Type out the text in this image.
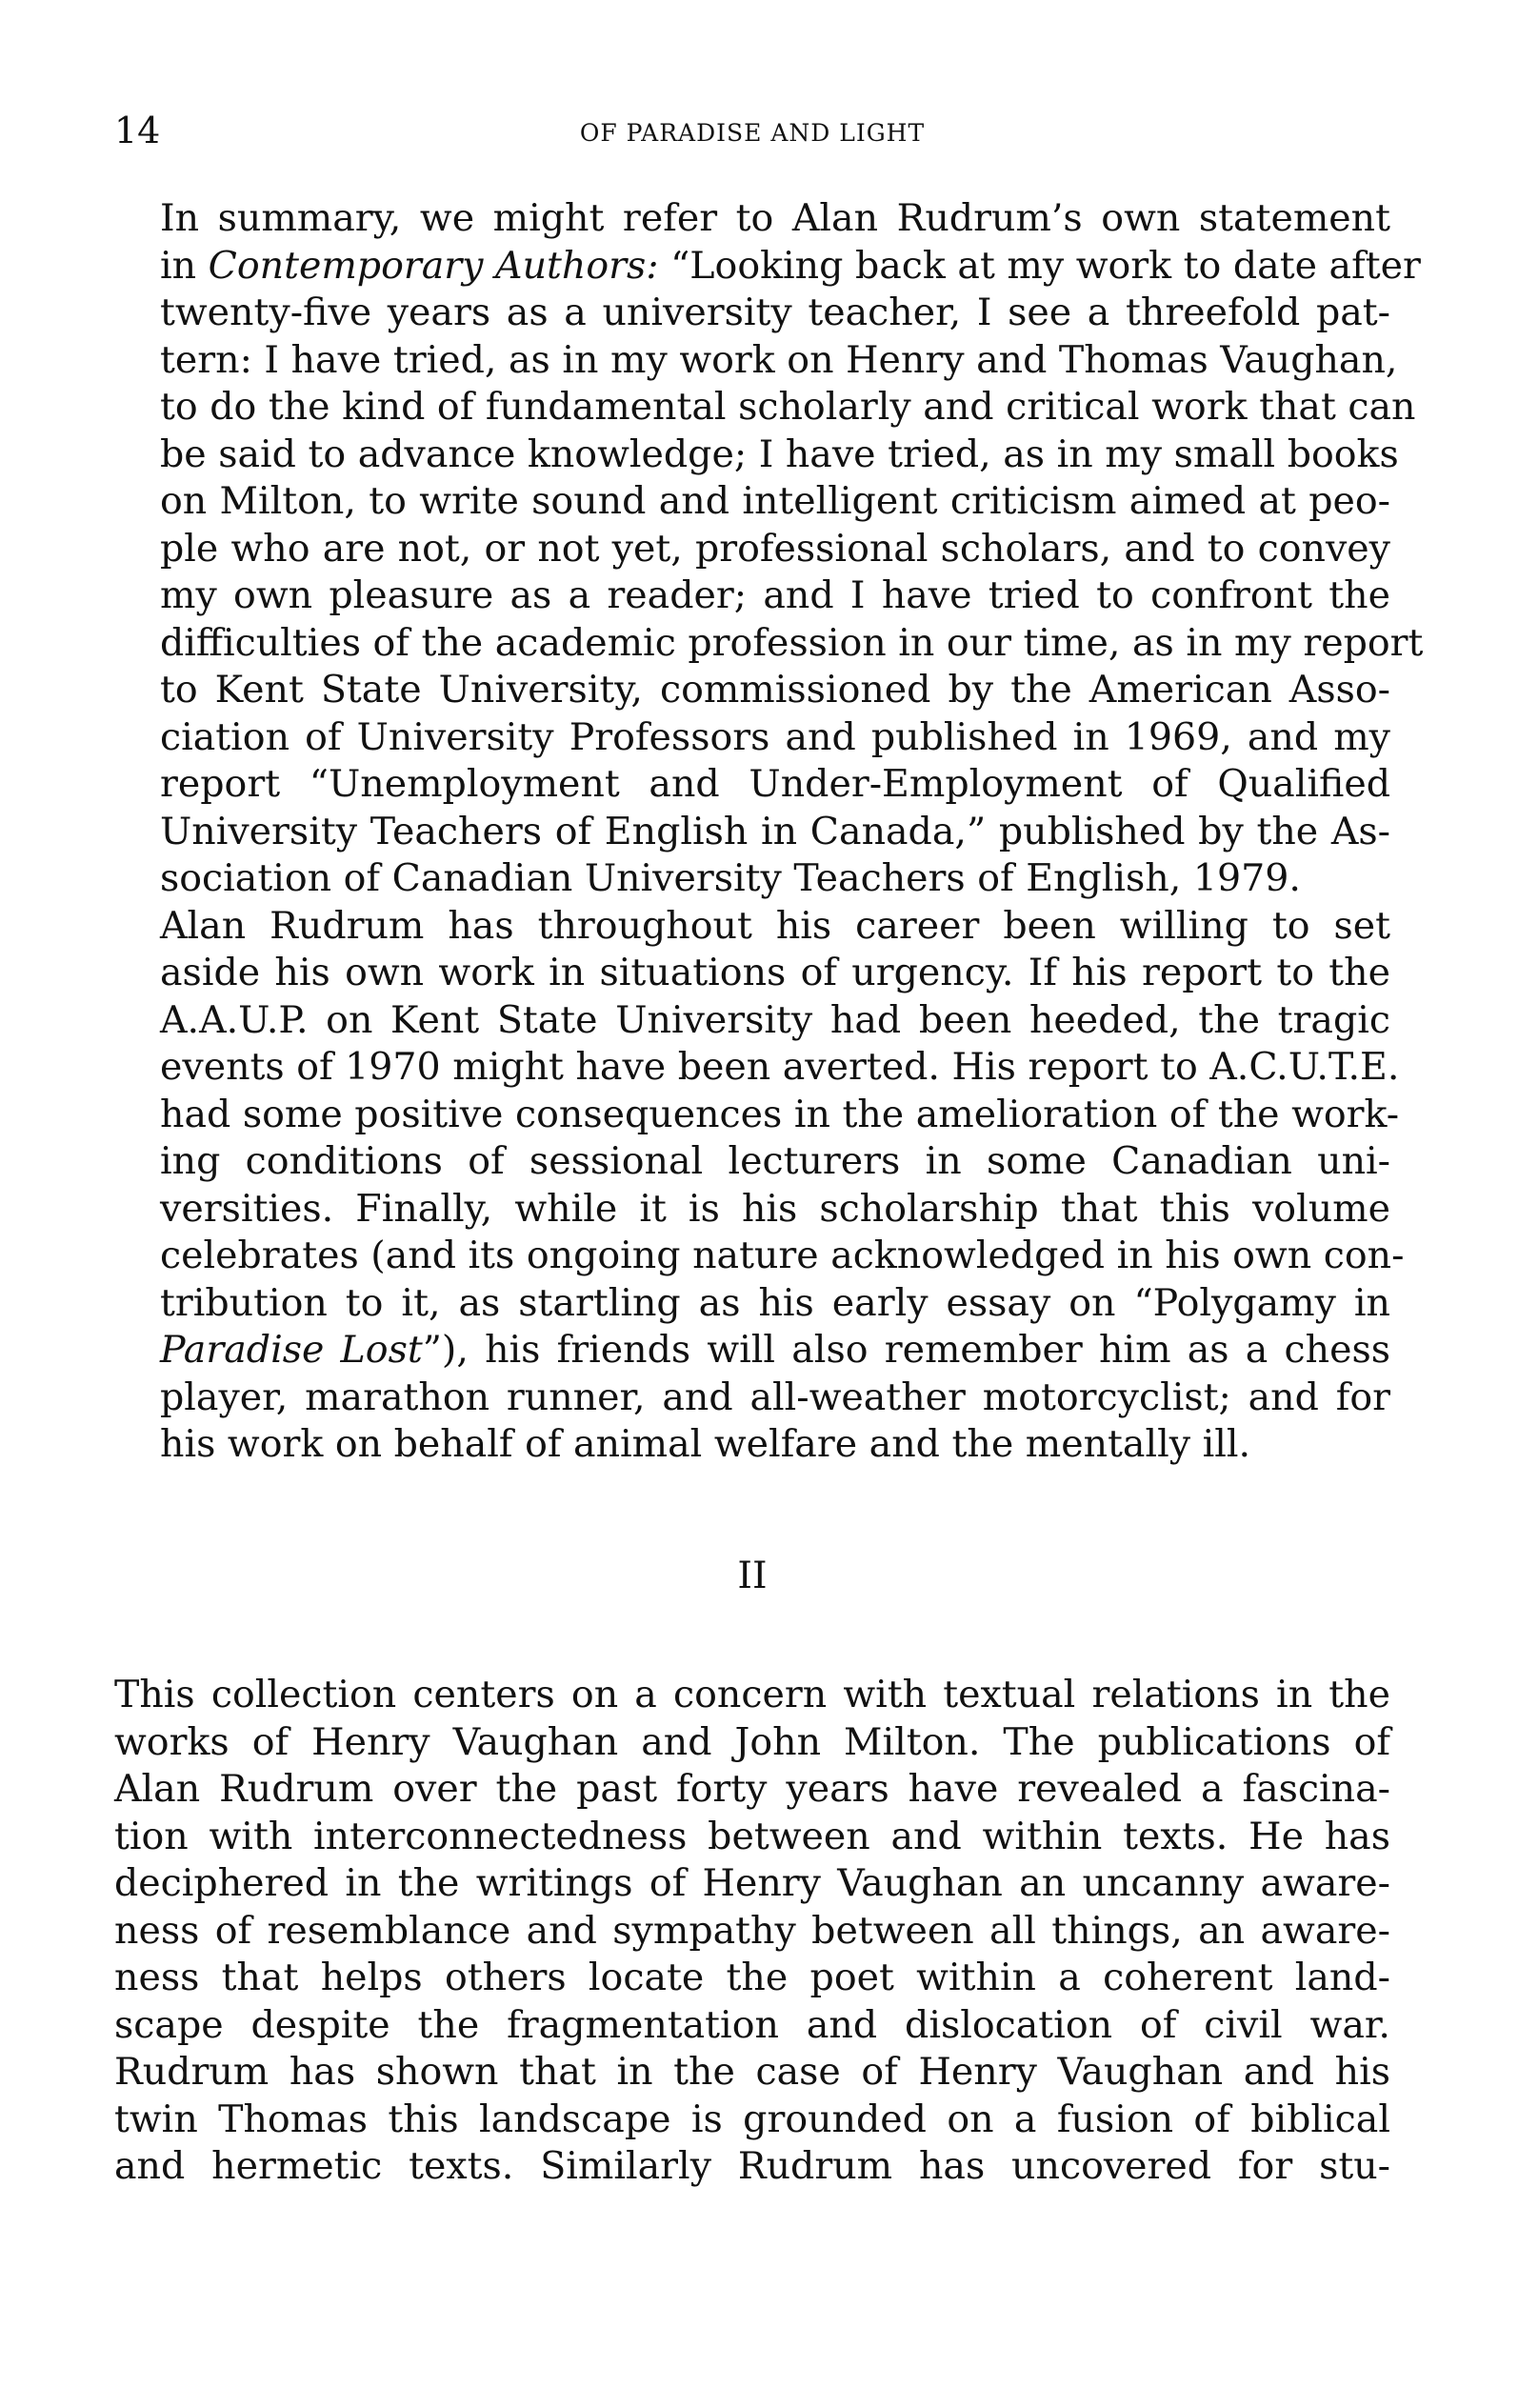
14	OF PARADISE AND LIGHT

In summary, we might refer to Alan Rudrum’s own statement
in Contemporary Authors: “Looking back at my work to date after
twenty-five years as a university teacher, I see a threefold pat-
tern: I have tried, as in my work on Henry and Thomas Vaughan,
to do the kind of fundamental scholarly and critical work that can
be said to advance knowledge; I have tried, as in my small books
on Milton, to write sound and intelligent criticism aimed at peo-
ple who are not, or not yet, professional scholars, and to convey
my own pleasure as a reader; and I have tried to confront the
difficulties of the academic profession in our time, as in my report
to Kent State University, commissioned by the American Asso-
ciation of University Professors and published in 1969, and my
report “Unemployment and Under-Employment of Qualified
University Teachers of English in Canada,” published by the As-
sociation of Canadian University Teachers of English, 1979.

Alan Rudrum has throughout his career been willing to set
aside his own work in situations of urgency. If his report to the
A.A.U.P. on Kent State University had been heeded, the tragic
events of 1970 might have been averted. His report to A.C.U.T.E.
had some positive consequences in the amelioration of the work-
ing conditions of sessional lecturers in some Canadian uni-
versities. Finally, while it is his scholarship that this volume
celebrates (and its ongoing nature acknowledged in his own con-
tribution to it, as startling as his early essay on “Polygamy in
Paradise Lost”), his friends will also remember him as a chess
player, marathon runner, and all-weather motorcyclist; and for
his work on behalf of animal welfare and the mentally ill.

II

This collection centers on a concern with textual relations in the
works of Henry Vaughan and John Milton. The publications of
Alan Rudrum over the past forty years have revealed a fascina-
tion with interconnectedness between and within texts. He has
deciphered in the writings of Henry Vaughan an uncanny aware-
ness of resemblance and sympathy between all things, an aware-
ness that helps others locate the poet within a coherent land-
scape despite the fragmentation and dislocation of civil war.
Rudrum has shown that in the case of Henry Vaughan and his
twin Thomas this landscape is grounded on a fusion of biblical
and hermetic texts. Similarly Rudrum has uncovered for stu-
